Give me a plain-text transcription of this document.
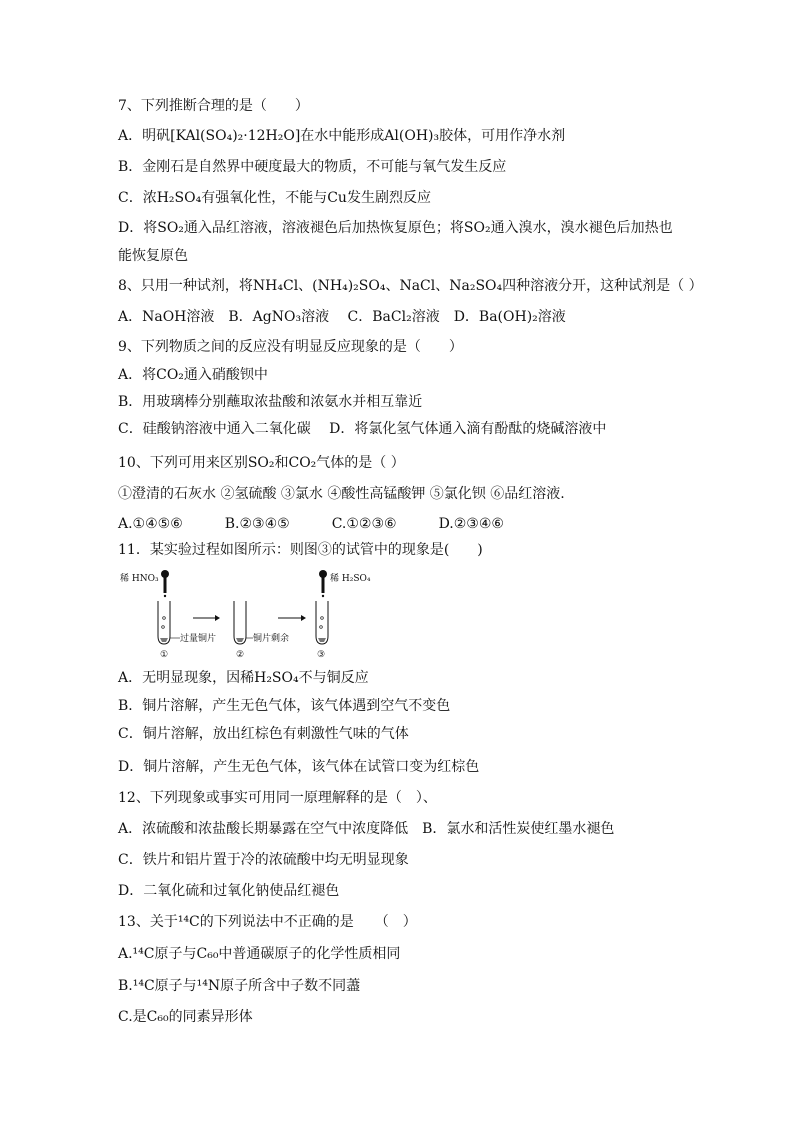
7、下列推断合理的是（　　）
A．明矾[KAl(SO₄)₂·12H₂O]在水中能形成Al(OH)₃胶体，可用作净水剂
B．金刚石是自然界中硬度最大的物质，不可能与氧气发生反应
C．浓H₂SO₄有强氧化性，不能与Cu发生剧烈反应
D．将SO₂通入品红溶液，溶液褪色后加热恢复原色；将SO₂通入溴水，溴水褪色后加热也
能恢复原色
8、只用一种试剂，将NH₄Cl、(NH₄)₂SO₄、NaCl、Na₂SO₄四种溶液分开，这种试剂是（ ）
A．NaOH溶液　B．AgNO₃溶液　 C．BaCl₂溶液　D．Ba(OH)₂溶液
9、下列物质之间的反应没有明显反应现象的是（　　）
A．将CO₂通入硝酸钡中
B．用玻璃棒分别蘸取浓盐酸和浓氨水并相互靠近
C．硅酸钠溶液中通入二氧化碳　 D．将氯化氢气体通入滴有酚酞的烧碱溶液中
10、下列可用来区别SO₂和CO₂气体的是（ ）
①澄清的石灰水 ②氢硫酸 ③氯水 ④酸性高锰酸钾 ⑤氯化钡 ⑥品红溶液.
A.①④⑤⑥　　　B.②③④⑤　　　C.①②③⑥　　　D.②③④⑥
11．某实验过程如图所示：则图③的试管中的现象是(　　)
稀 HNO₃
过量铜片
①
铜片剩余
②
稀 H₂SO₄
③
A．无明显现象，因稀H₂SO₄不与铜反应
B．铜片溶解，产生无色气体，该气体遇到空气不变色
C．铜片溶解，放出红棕色有刺激性气味的气体
D．铜片溶解，产生无色气体，该气体在试管口变为红棕色
12、下列现象或事实可用同一原理解释的是（　）、
A．浓硫酸和浓盐酸长期暴露在空气中浓度降低　B．氯水和活性炭使红墨水褪色
C．铁片和铝片置于冷的浓硫酸中均无明显现象
D．二氧化硫和过氧化钠使品红褪色
13、关于¹⁴C的下列说法中不正确的是　　（　）
A.¹⁴C原子与C₆₀中普通碳原子的化学性质相同
B.¹⁴C原子与¹⁴N原子所含中子数不同藎
C.是C₆₀的同素异形体
